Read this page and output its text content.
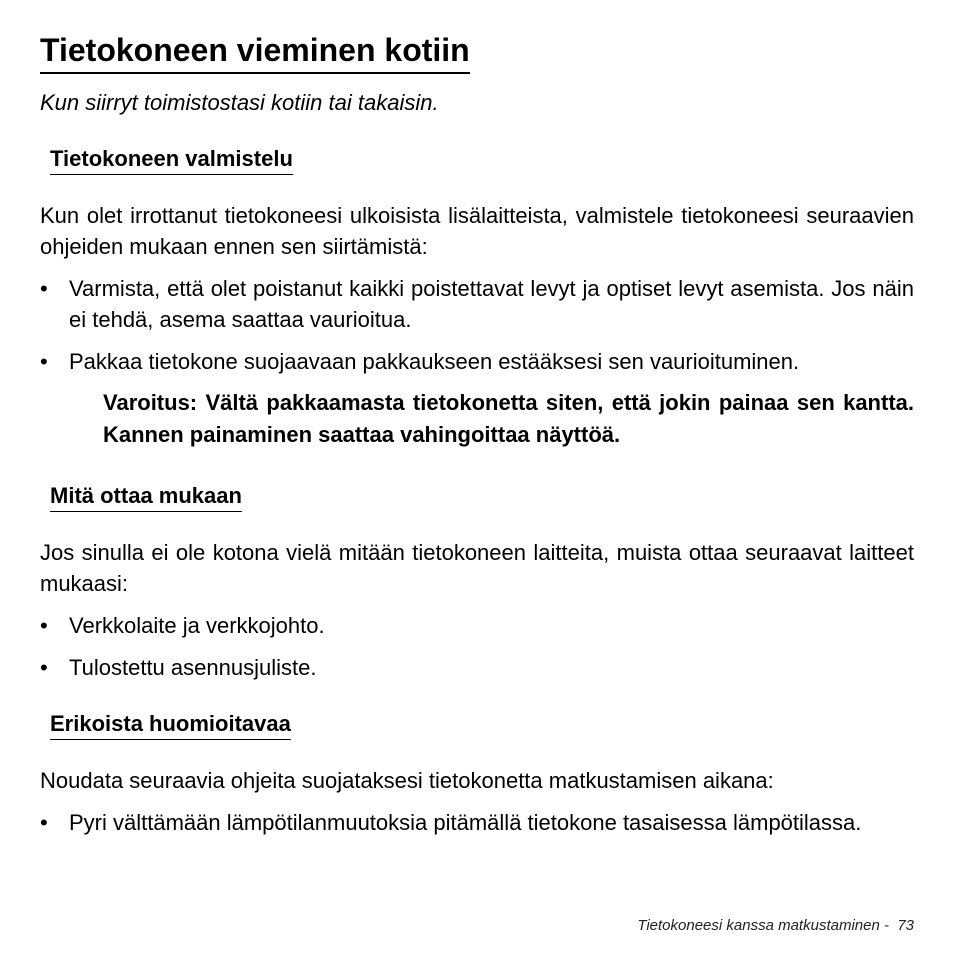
Tietokoneen vieminen kotiin
Kun siirryt toimistostasi kotiin tai takaisin.
Tietokoneen valmistelu

Kun olet irrottanut tietokoneesi ulkoisista lisälaitteista, valmistele tietokoneesi seuraavien ohjeiden mukaan ennen sen siirtämistä:

• Varmista, että olet poistanut kaikki poistettavat levyt ja optiset levyt asemista. Jos näin ei tehdä, asema saattaa vaurioitua.
• Pakkaa tietokone suojaavaan pakkaukseen estääksesi sen vaurioituminen.
Varoitus: Vältä pakkaamasta tietokonetta siten, että jokin painaa sen kantta. Kannen painaminen saattaa vahingoittaa näyttöä.
Mitä ottaa mukaan

Jos sinulla ei ole kotona vielä mitään tietokoneen laitteita, muista ottaa seuraavat laitteet mukaasi:

• Verkkolaite ja verkkojohto.
• Tulostettu asennusjuliste.
Erikoista huomioitavaa

Noudata seuraavia ohjeita suojataksesi tietokonetta matkustamisen aikana:

• Pyri välttämään lämpötilanmuutoksia pitämällä tietokone tasaisessa lämpötilassa.
Tietokoneesi kanssa matkustaminen - 73
